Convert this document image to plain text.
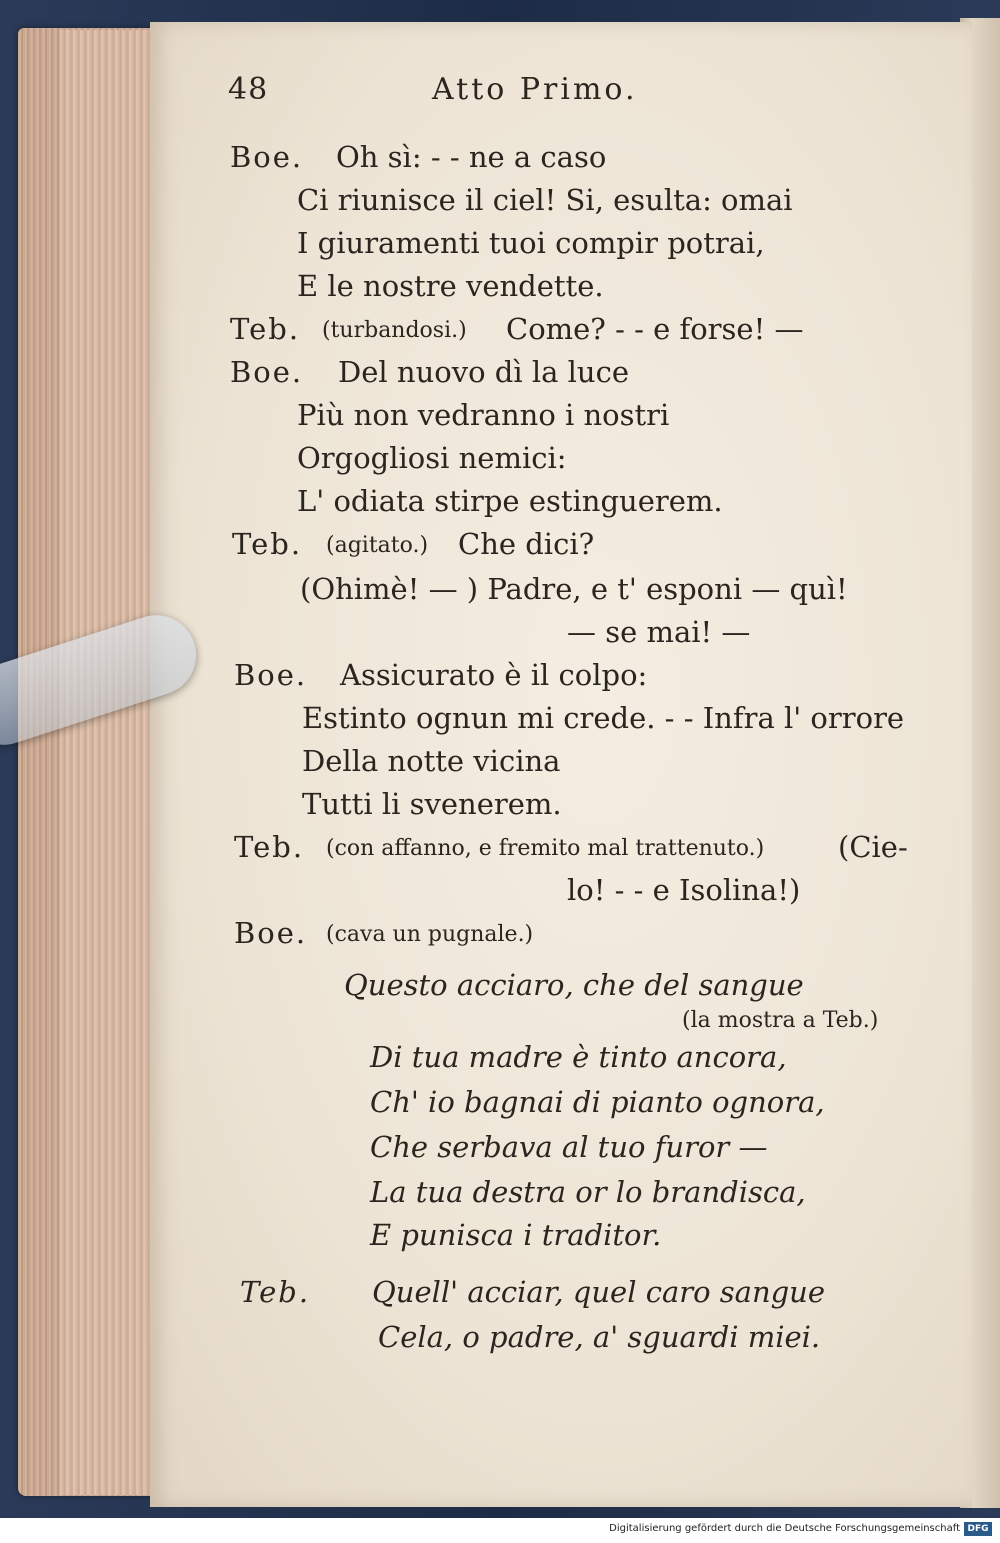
48	Atto Primo.
Boe. Oh sì: - - ne a caso
Ci riunisce il ciel! Si, esulta: omai
I giuramenti tuoi compir potrai,
E le nostre vendette.
Teb. (turbandosi.) Come? - - e forse! —
Boe. Del nuovo dì la luce
Più non vedranno i nostri
Orgogliosi nemici:
L' odiata stirpe estinguerem.
Teb. (agitato.) Che dici?
(Ohimè! — ) Padre, e t' esponi — quì!
— se mai! —
Boe. Assicurato è il colpo:
Estinto ognun mi crede. - - Infra l' orrore
Della notte vicina
Tutti li svenerem.
Teb. (con affanno, e fremito mal trattenuto.)	(Cie-
lo! - - e Isolina!)
Boe. (cava un pugnale.)
Questo acciaro, che del sangue
(la mostra a Teb.)
Di tua madre è tinto ancora,
Ch' io bagnai di pianto ognora,
Che serbava al tuo furor —
La tua destra or lo brandisca,
E punisca i traditor.
Teb. Quell' acciar, quel caro sangue
Cela, o padre, a' sguardi miei.
Digitalisierung gefördert durch die Deutsche Forschungsgemeinschaft DFG
